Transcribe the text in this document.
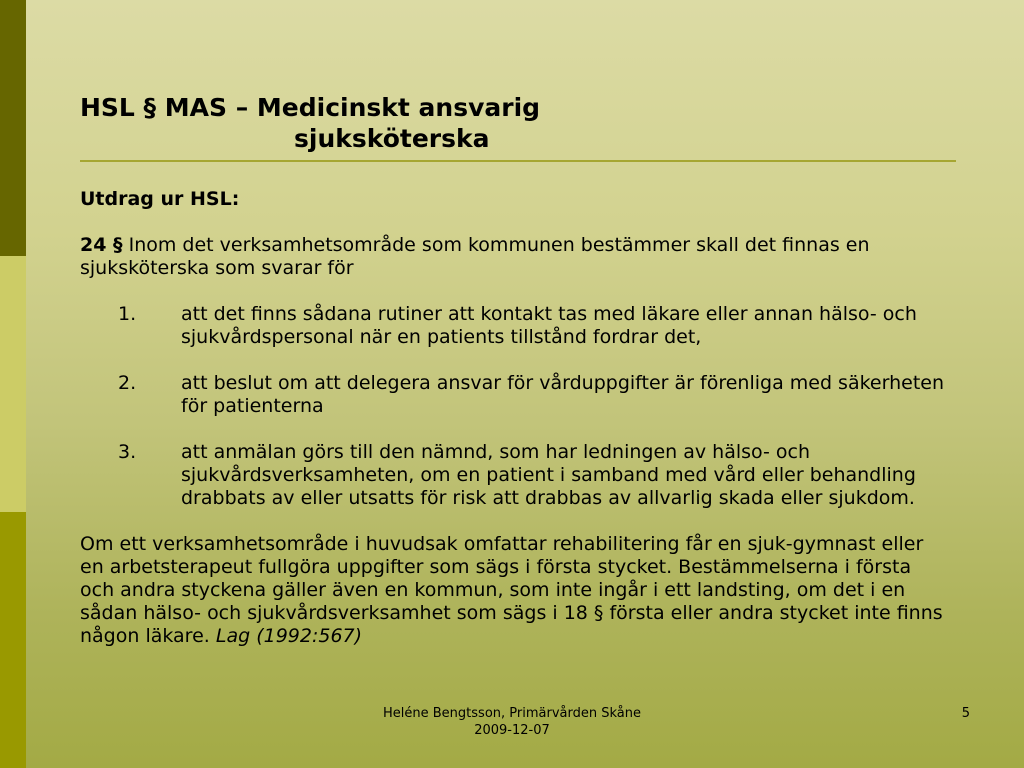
HSL § MAS – Medicinskt ansvarig
sjuksköterska

Utdrag ur HSL:

24 § Inom det verksamhetsområde som kommunen bestämmer skall det finnas en sjuksköterska som svarar för

1. att det finns sådana rutiner att kontakt tas med läkare eller annan hälso- och sjukvårdspersonal när en patients tillstånd fordrar det,
2. att beslut om att delegera ansvar för vårduppgifter är förenliga med säkerheten för patienterna
3. att anmälan görs till den nämnd, som har ledningen av hälso- och sjukvårdsverksamheten, om en patient i samband med vård eller behandling drabbats av eller utsatts för risk att drabbas av allvarlig skada eller sjukdom.

Om ett verksamhetsområde i huvudsak omfattar rehabilitering får en sjuk-gymnast eller en arbetsterapeut fullgöra uppgifter som sägs i första stycket. Bestämmelserna i första och andra styckena gäller även en kommun, som inte ingår i ett landsting, om det i en sådan hälso- och sjukvårdsverksamhet som sägs i 18 § första eller andra stycket inte finns någon läkare. Lag (1992:567)

Heléne Bengtsson, Primärvården Skåne
2009-12-07
5
